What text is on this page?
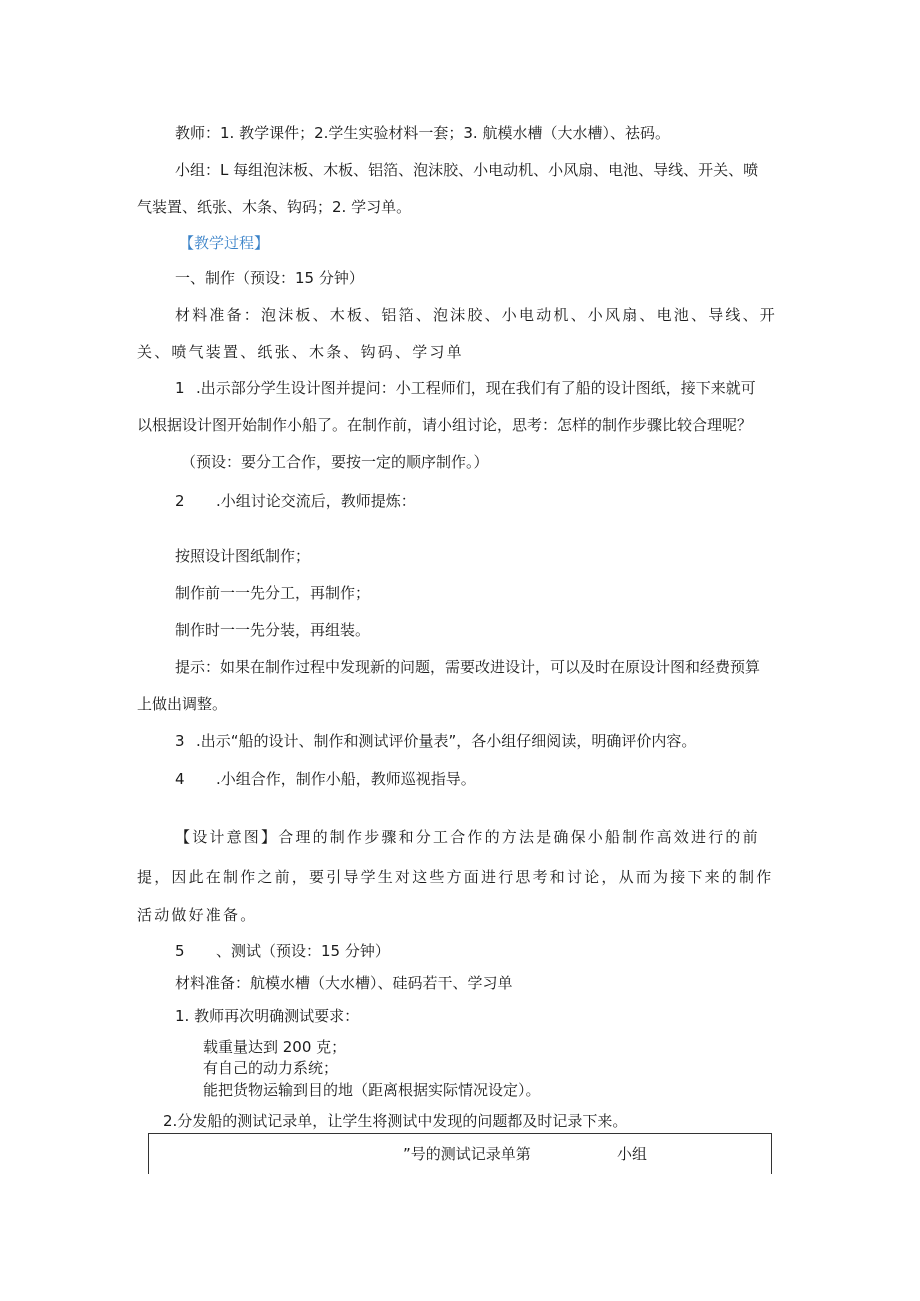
教师：1. 教学课件；2.学生实验材料一套；3. 航模水槽（大水槽）、祛码。
小组：L 每组泡沫板、木板、铝箔、泡沫胶、小电动机、小风扇、电池、导线、开关、喷
气装置、纸张、木条、钩码；2. 学习单。
【教学过程】
一、制作（预设：15 分钟）
材料准备：泡沫板、木板、铝箔、泡沫胶、小电动机、小风扇、电池、导线、开
关、喷气装置、纸张、木条、钩码、学习单
1 .出示部分学生设计图并提问：小工程师们，现在我们有了船的设计图纸，接下来就可
以根据设计图开始制作小船了。在制作前，请小组讨论，思考：怎样的制作步骤比较合理呢？
（预设：要分工合作，要按一定的顺序制作。）
2 .小组讨论交流后，教师提炼：
按照设计图纸制作；
制作前一一先分工，再制作；
制作时一一先分装，再组装。
提示：如果在制作过程中发现新的问题，需要改进设计，可以及时在原设计图和经费预算
上做出调整。
3 .出示“船的设计、制作和测试评价量表”，各小组仔细阅读，明确评价内容。
4 .小组合作，制作小船，教师巡视指导。
【设计意图】合理的制作步骤和分工合作的方法是确保小船制作高效进行的前
提，因此在制作之前，要引导学生对这些方面进行思考和讨论，从而为接下来的制作
活动做好准备。
5 、测试（预设：15 分钟）
材料准备：航模水槽（大水槽）、硅码若干、学习单
1. 教师再次明确测试要求：
载重量达到 200 克；
有自己的动力系统；
能把货物运输到目的地（距离根据实际情况设定）。
2.分发船的测试记录单，让学生将测试中发现的问题都及时记录下来。
”号的测试记录单第	小组
